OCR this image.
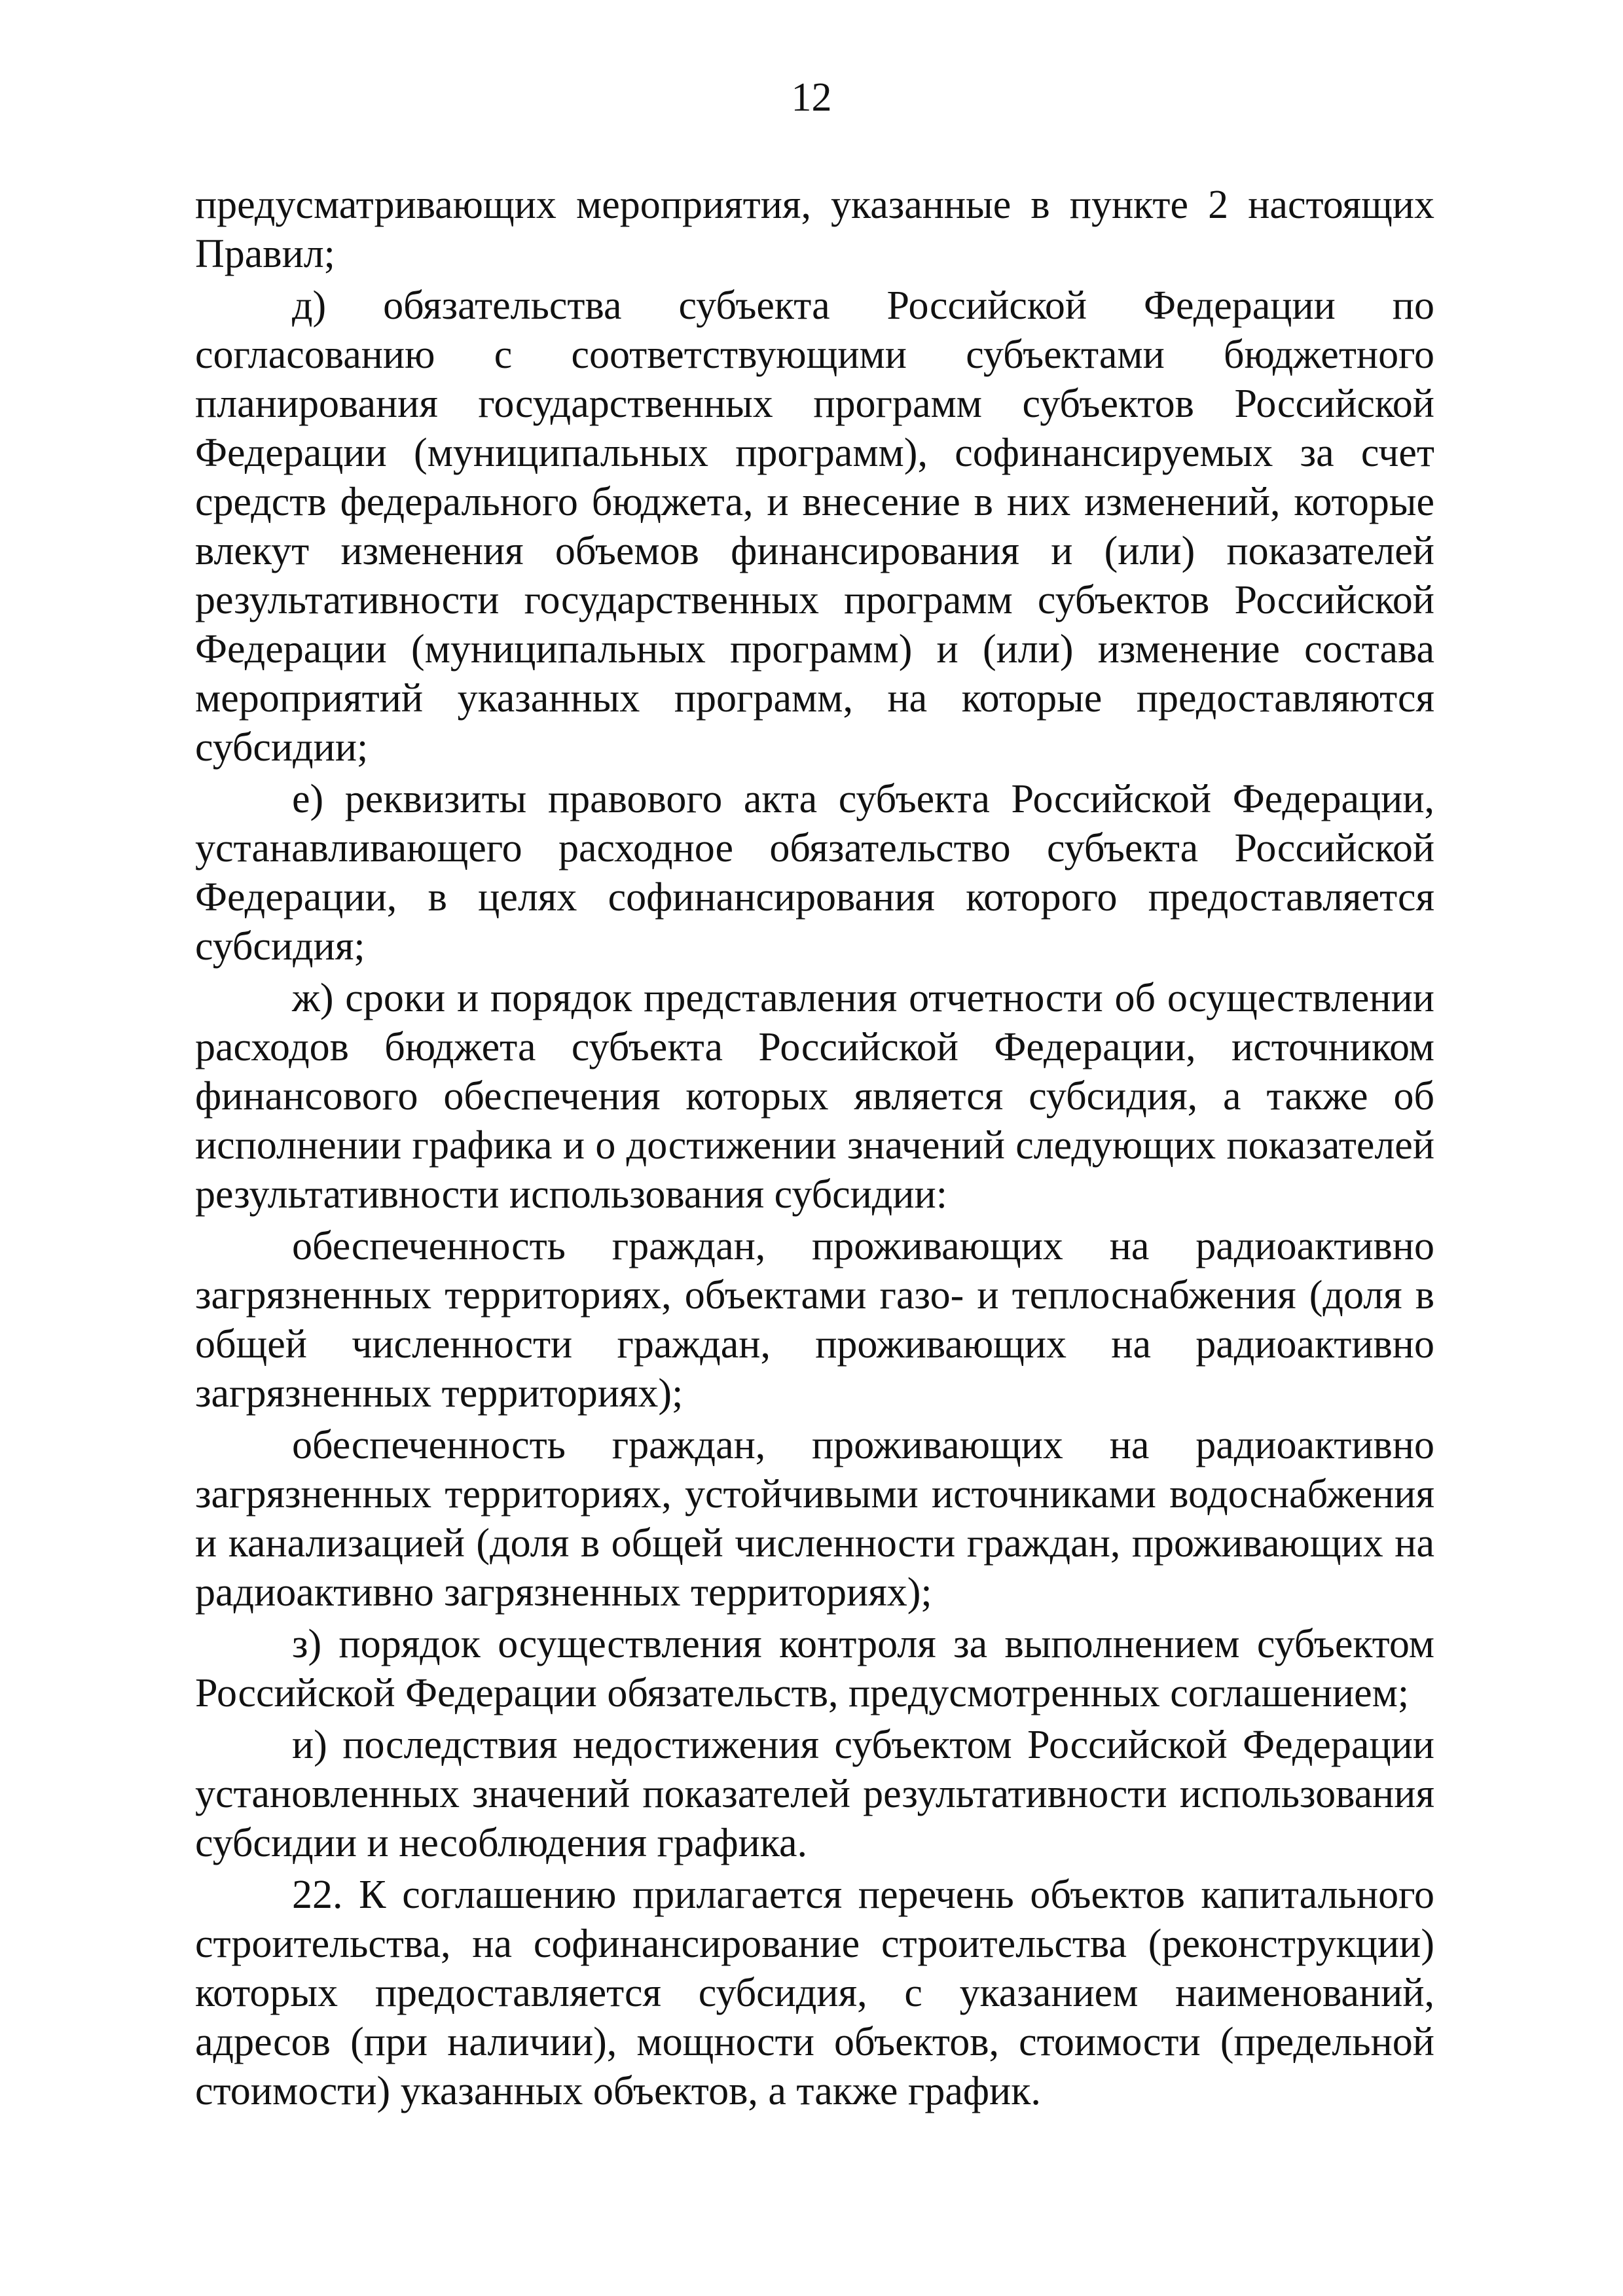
12

предусматривающих мероприятия, указанные в пункте 2 настоящих Правил;

д) обязательства субъекта Российской Федерации по согласованию с соответствующими субъектами бюджетного планирования государственных программ субъектов Российской Федерации (муниципальных программ), софинансируемых за счет средств федерального бюджета, и внесение в них изменений, которые влекут изменения объемов финансирования и (или) показателей результативности государственных программ субъектов Российской Федерации (муниципальных программ) и (или) изменение состава мероприятий указанных программ, на которые предоставляются субсидии;

е) реквизиты правового акта субъекта Российской Федерации, устанавливающего расходное обязательство субъекта Российской Федерации, в целях софинансирования которого предоставляется субсидия;

ж) сроки и порядок представления отчетности об осуществлении расходов бюджета субъекта Российской Федерации, источником финансового обеспечения которых является субсидия, а также об исполнении графика и о достижении значений следующих показателей результативности использования субсидии:

обеспеченность граждан, проживающих на радиоактивно загрязненных территориях, объектами газо- и теплоснабжения (доля в общей численности граждан, проживающих на радиоактивно загрязненных территориях);

обеспеченность граждан, проживающих на радиоактивно загрязненных территориях, устойчивыми источниками водоснабжения и канализацией (доля в общей численности граждан, проживающих на радиоактивно загрязненных территориях);

з) порядок осуществления контроля за выполнением субъектом Российской Федерации обязательств, предусмотренных соглашением;

и) последствия недостижения субъектом Российской Федерации установленных значений показателей результативности использования субсидии и несоблюдения графика.

22. К соглашению прилагается перечень объектов капитального строительства, на софинансирование строительства (реконструкции) которых предоставляется субсидия, с указанием наименований, адресов (при наличии), мощности объектов, стоимости (предельной стоимости) указанных объектов, а также график.
